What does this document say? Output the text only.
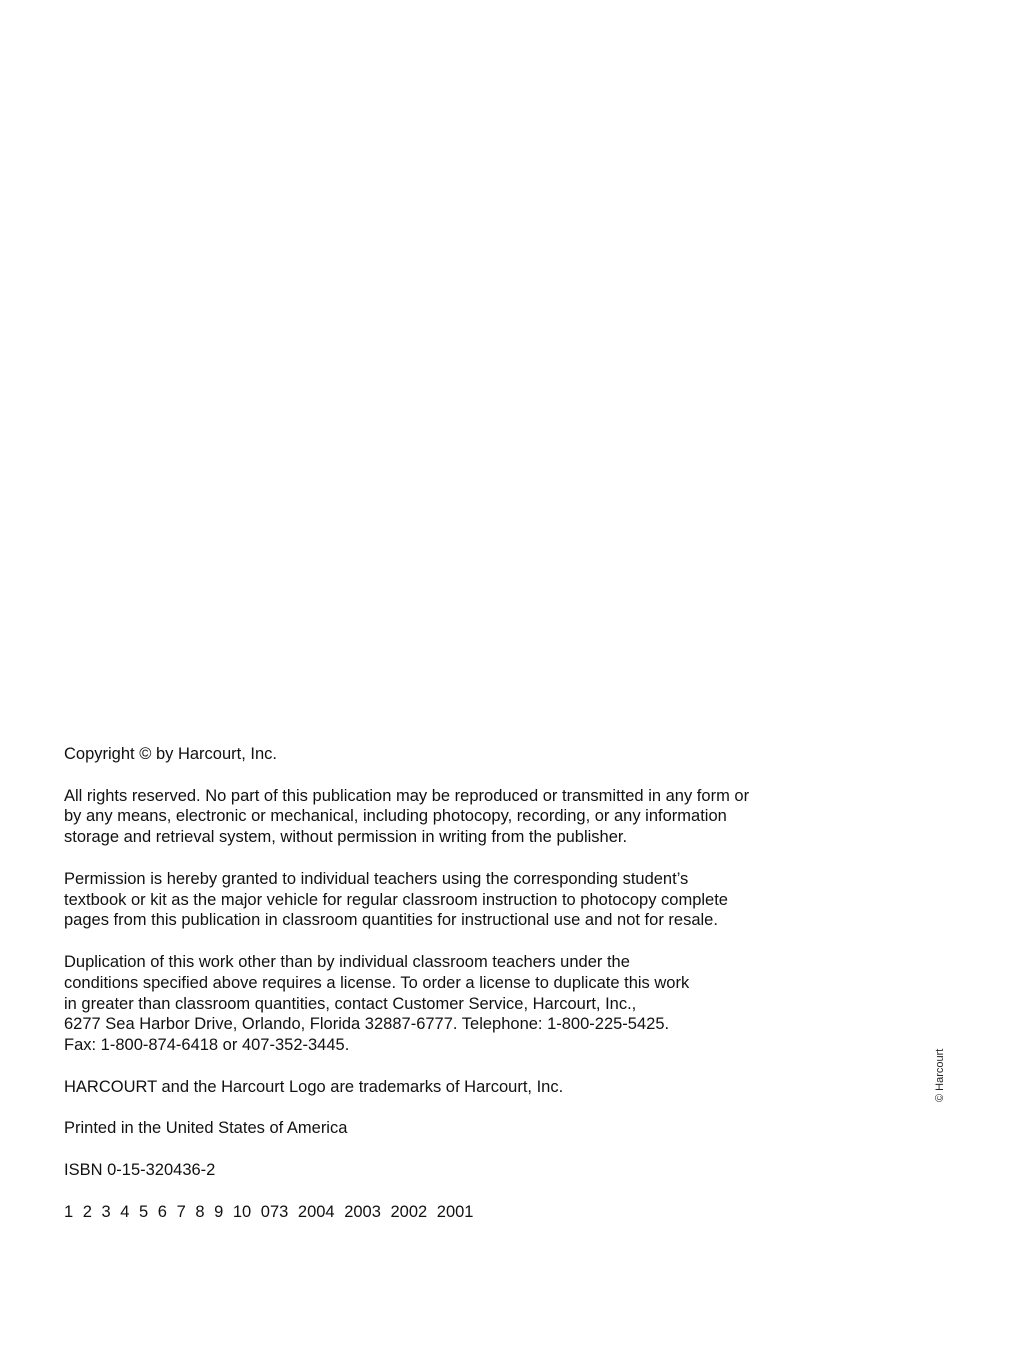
Copyright © by Harcourt, Inc.

All rights reserved. No part of this publication may be reproduced or transmitted in any form or by any means, electronic or mechanical, including photocopy, recording, or any information storage and retrieval system, without permission in writing from the publisher.

Permission is hereby granted to individual teachers using the corresponding student’s textbook or kit as the major vehicle for regular classroom instruction to photocopy complete pages from this publication in classroom quantities for instructional use and not for resale.

Duplication of this work other than by individual classroom teachers under the
conditions specified above requires a license. To order a license to duplicate this work
in greater than classroom quantities, contact Customer Service, Harcourt, Inc.,
6277 Sea Harbor Drive, Orlando, Florida 32887-6777. Telephone: 1-800-225-5425.
Fax: 1-800-874-6418 or 407-352-3445.

HARCOURT and the Harcourt Logo are trademarks of Harcourt, Inc.

Printed in the United States of America

ISBN 0-15-320436-2

1 2 3 4 5 6 7 8 9 10 073 2004 2003 2002 2001

© Harcourt
